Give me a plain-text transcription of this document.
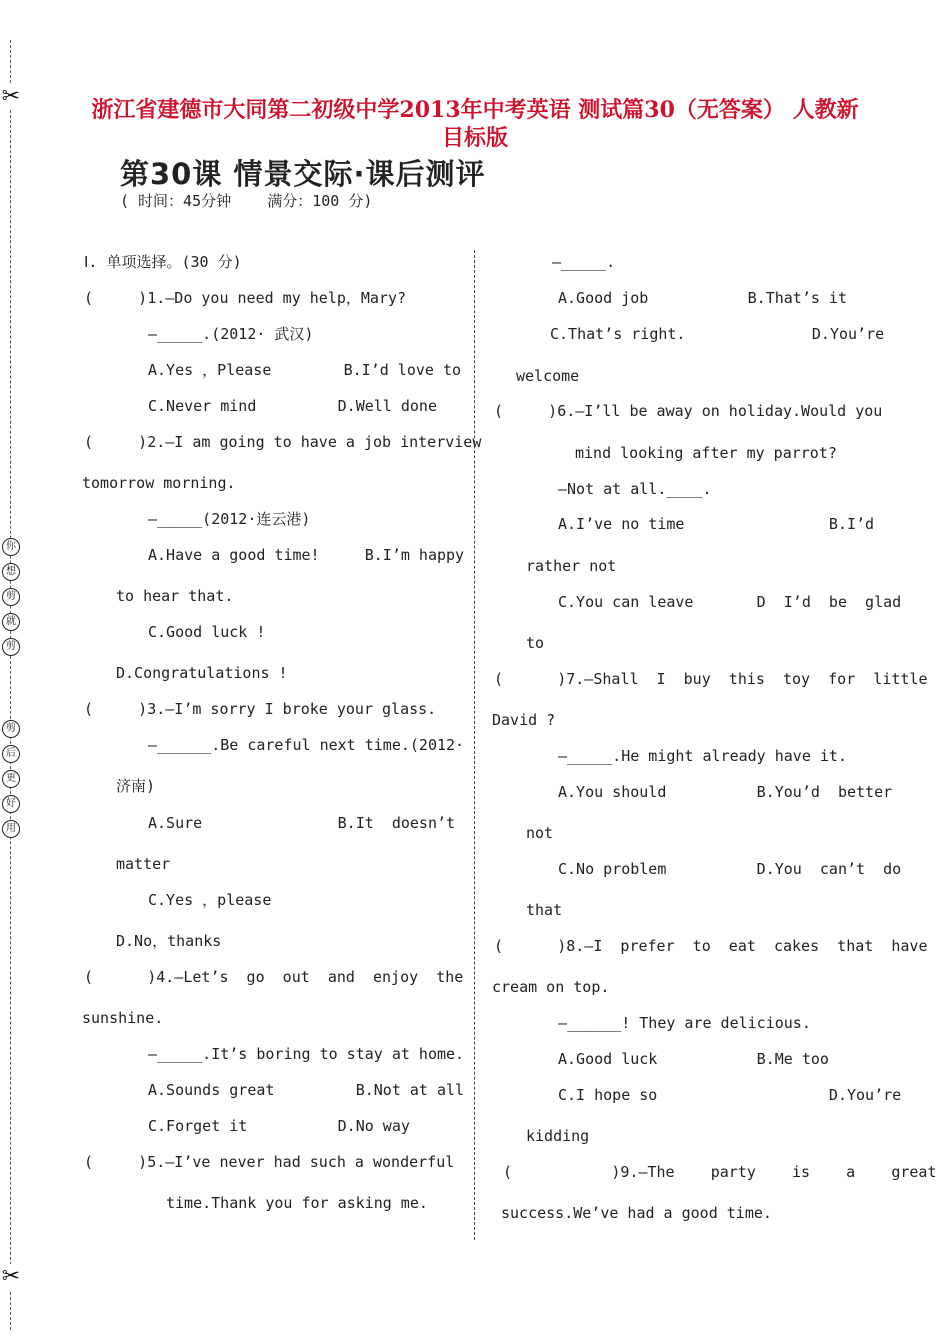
✂
✂
你
想
剪
就
剪
剪
后
更
好
用
浙江省建德市大同第二初级中学2013年中考英语 测试篇30（无答案） 人教新
目标版
第30课 情景交际·课后测评
( 时间：45分钟    满分：100 分)
Ⅰ. 单项选择。(30 分)
(     )1.—Do you need my help，Mary?
—_____.(2012· 武汉)
A.Yes ，Please        B.I’d love to
C.Never mind         D.Well done
(     )2.—I am going to have a job interview
tomorrow morning.
—_____(2012·连云港)
A.Have a good time!     B.I’m happy
to hear that.
C.Good luck !
D.Congratulations !
(     )3.—I’m sorry I broke your glass.
—______.Be careful next time.(2012·
济南)
A.Sure               B.It  doesn’t
matter
C.Yes ，please
D.No，thanks
(      )4.—Let’s  go  out  and  enjoy  the
sunshine.
—_____.It’s boring to stay at home.
A.Sounds great         B.Not at all
C.Forget it          D.No way
(     )5.—I’ve never had such a wonderful
time.Thank you for asking me.
—_____.
A.Good job           B.That’s it
C.That’s right.              D.You’re
welcome
(     )6.—I’ll be away on holiday.Would you
mind looking after my parrot?
—Not at all.____.
A.I’ve no time                B.I’d
rather not
C.You can leave       D  I’d  be  glad
to
(      )7.—Shall  I  buy  this  toy  for  little
David ?
—_____.He might already have it.
A.You should          B.You’d  better
not
C.No problem          D.You  can’t  do
that
(      )8.—I  prefer  to  eat  cakes  that  have
cream on top.
—______! They are delicious.
A.Good luck           B.Me too
C.I hope so                   D.You’re
kidding
(           )9.—The    party    is    a    great
success.We’ve had a good time.
